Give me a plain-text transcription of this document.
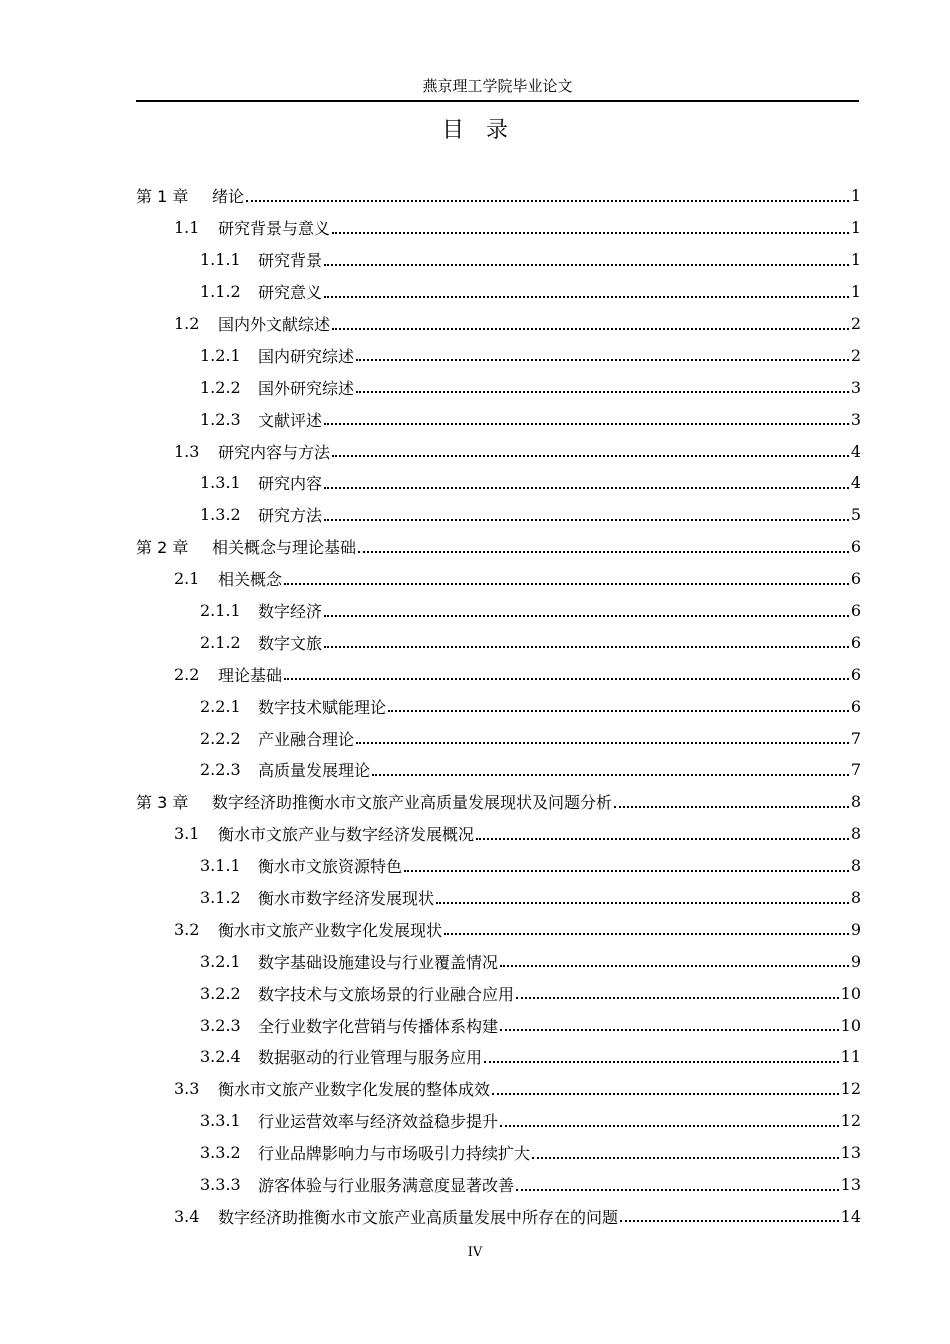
燕京理工学院毕业论文
目　录
第 1 章	绪论	1
1.1	研究背景与意义	1
1.1.1	研究背景	1
1.1.2	研究意义	1
1.2	国内外文献综述	2
1.2.1	国内研究综述	2
1.2.2	国外研究综述	3
1.2.3	文献评述	3
1.3	研究内容与方法	4
1.3.1	研究内容	4
1.3.2	研究方法	5
第 2 章	相关概念与理论基础	6
2.1	相关概念	6
2.1.1	数字经济	6
2.1.2	数字文旅	6
2.2	理论基础	6
2.2.1	数字技术赋能理论	6
2.2.2	产业融合理论	7
2.2.3	高质量发展理论	7
第 3 章	数字经济助推衡水市文旅产业高质量发展现状及问题分析	8
3.1	衡水市文旅产业与数字经济发展概况	8
3.1.1	衡水市文旅资源特色	8
3.1.2	衡水市数字经济发展现状	8
3.2	衡水市文旅产业数字化发展现状	9
3.2.1	数字基础设施建设与行业覆盖情况	9
3.2.2	数字技术与文旅场景的行业融合应用	10
3.2.3	全行业数字化营销与传播体系构建	10
3.2.4	数据驱动的行业管理与服务应用	11
3.3	衡水市文旅产业数字化发展的整体成效	12
3.3.1	行业运营效率与经济效益稳步提升	12
3.3.2	行业品牌影响力与市场吸引力持续扩大	13
3.3.3	游客体验与行业服务满意度显著改善	13
3.4	数字经济助推衡水市文旅产业高质量发展中所存在的问题	14
IV
